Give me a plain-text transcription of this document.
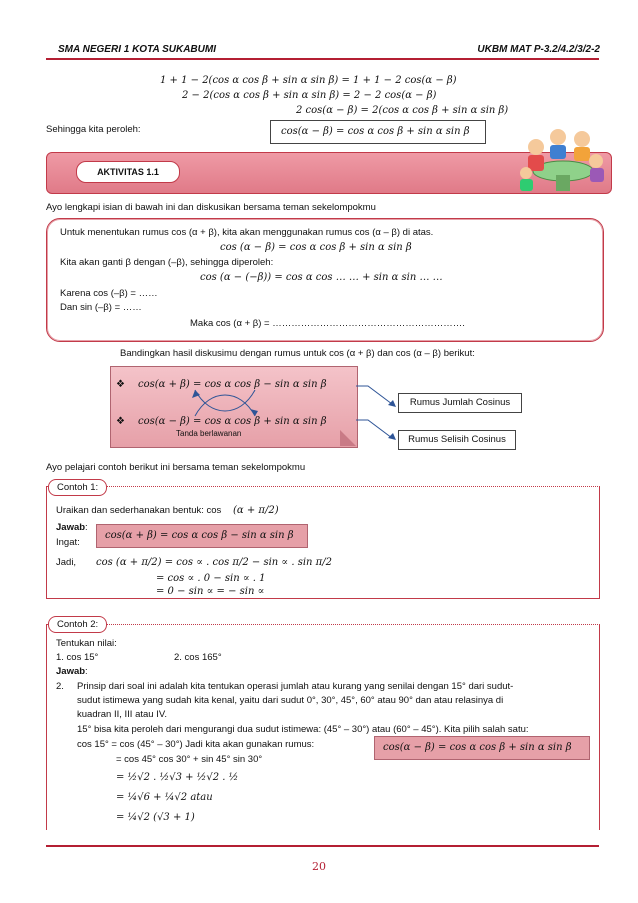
SMA NEGERI 1 KOTA SUKABUMI	UKBM MAT P-3.2/4.2/3/2-2
1 + 1 − 2(cos α cos β + sin α sin β) = 1 + 1 − 2 cos(α − β)
2 − 2(cos α cos β + sin α sin β) = 2 − 2 cos(α − β)
2 cos(α − β) = 2(cos α cos β + sin α sin β)
Sehingga kita peroleh:	cos(α − β) = cos α cos β + sin α sin β
AKTIVITAS 1.1
Ayo lengkapi isian di bawah ini dan diskusikan bersama teman sekelompokmu
Untuk menentukan rumus cos (α + β), kita akan menggunakan rumus cos (α – β) di atas.
cos (α − β) = cos α cos β + sin α sin β
Kita akan ganti β dengan (–β), sehingga diperoleh:
cos (α − (−β)) = cos α cos … … + sin α sin … …
Karena cos (–β) = ……
Dan sin (–β) = ……
Maka cos (α + β) = …………………………………………………….
Bandingkan hasil diskusimu dengan rumus untuk cos (α + β) dan cos (α – β) berikut:
❖ cos(α + β) = cos α cos β − sin α sin β
❖ cos(α − β) = cos α cos β + sin α sin β
Tanda berlawanan
Rumus Jumlah Cosinus
Rumus Selisih Cosinus
Ayo pelajari contoh berikut ini bersama teman sekelompokmu
Contoh 1:
Uraikan dan sederhanakan bentuk: cos (α + π/2)
Jawab:
Ingat:
cos(α + β) = cos α cos β − sin α sin β
Jadi, cos (α + π/2) = cos ∝ . cos π/2 − sin ∝ . sin π/2
= cos ∝ . 0 − sin ∝ . 1
= 0 − sin ∝ = − sin ∝
Contoh 2:
Tentukan nilai:
1. cos 15°	2. cos 165°
Jawab:
2. Prinsip dari soal ini adalah kita tentukan operasi jumlah atau kurang yang senilai dengan 15° dari sudut-
sudut istimewa yang sudah kita kenal, yaitu dari sudut 0°, 30°, 45°, 60° atau 90° dan atau relasinya di
kuadran II, III atau IV.
15° bisa kita peroleh dari mengurangi dua sudut istimewa: (45° – 30°) atau (60° – 45°). Kita pilih salah satu:
cos 15° = cos (45° – 30°) Jadi kita akan gunakan rumus:	cos(α − β) = cos α cos β + sin α sin β
= cos 45° cos 30° + sin 45° sin 30°
= ½√2 . ½√3 + ½√2 . ½
= ¼√6 + ¼√2 atau
= ¼√2 (√3 + 1)
20
